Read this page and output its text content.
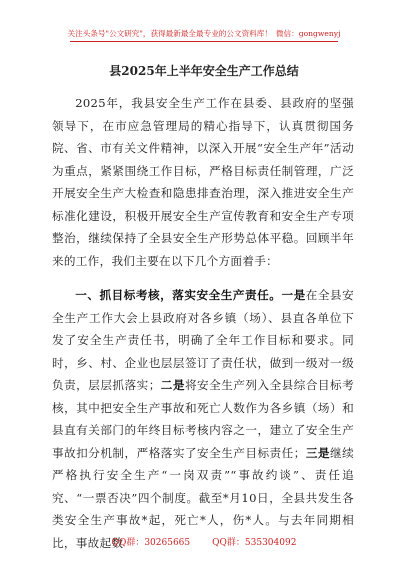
关注头条号"公文研究"，获得最新最全最专业的公文资料库！ 微信：gongwenyj
县2025年上半年安全生产工作总结

2025年，我县安全生产工作在县委、县政府的坚强领导下，在市应急管理局的精心指导下，认真贯彻国务院、省、市有关文件精神，以深入开展“安全生产年”活动为重点，紧紧围绕工作目标，严格目标责任制管理，广泛开展安全生产大检查和隐患排查治理，深入推进安全生产标准化建设，积极开展安全生产宣传教育和安全生产专项整治，继续保持了全县安全生产形势总体平稳。回顾半年来的工作，我们主要在以下几个方面着手：

一、抓目标考核，落实安全生产责任。一是在全县安全生产工作大会上县政府对各乡镇（场）、县直各单位下发了安全生产责任书，明确了全年工作目标和要求。同时，乡、村、企业也层层签订了责任状，做到一级对一级负责，层层抓落实；二是将安全生产列入全县综合目标考核，其中把安全生产事故和死亡人数作为各乡镇（场）和县直有关部门的年终目标考核内容之一，建立了安全生产事故扣分机制，严格落实了安全生产目标责任；三是继续严格执行安全生产“一岗双责”“事故约谈”、责任追究、“一票否决”四个制度。截至*月10日，全县共发生各类安全生产事故*起，死亡*人，伤*人。与去年同期相比，事故起数

QQ群：30265665 QQ群：535304092
